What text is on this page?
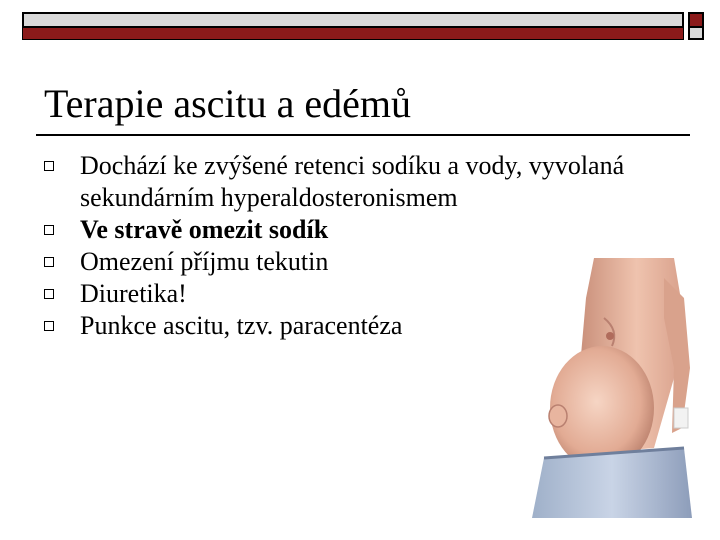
Terapie ascitu a edémů
Dochází ke zvýšené retenci sodíku a vody, vyvolaná sekundárním hyperaldosteronismem
Ve stravě omezit sodík
Omezení příjmu tekutin
Diuretika!
Punkce ascitu, tzv. paracentéza
